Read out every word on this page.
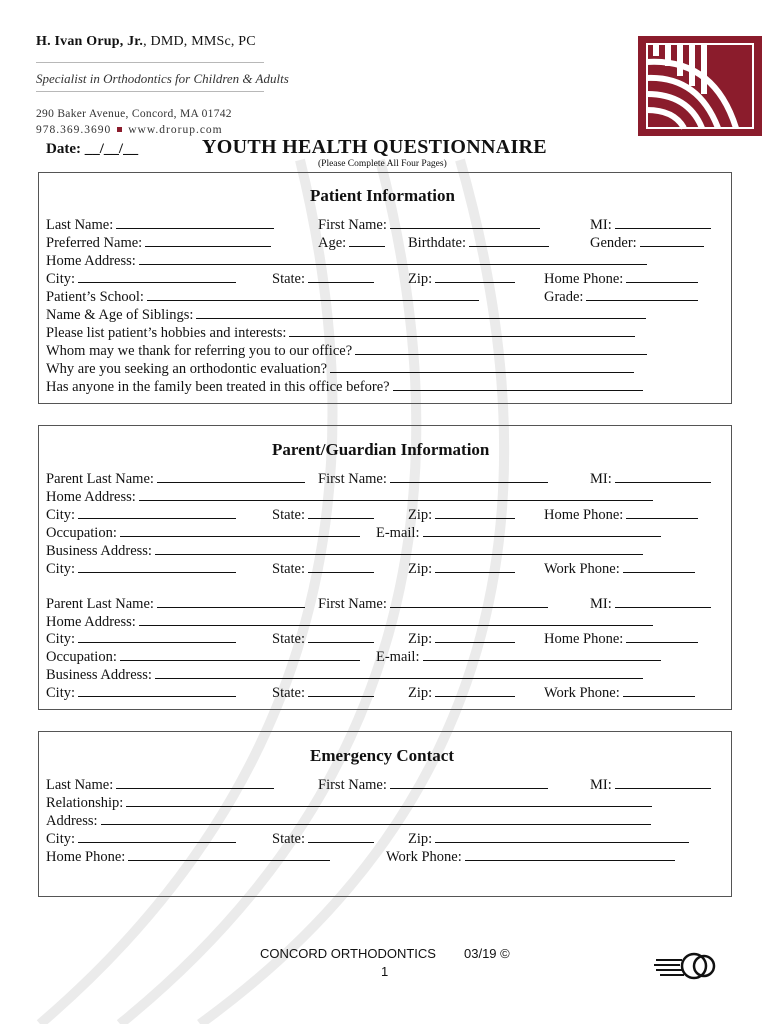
H. Ivan Orup, Jr., DMD, MMSc, PC
Specialist in Orthodontics for Children & Adults
290 Baker Avenue, Concord, MA 01742
978.369.3690 www.drorup.com
Date: __/__/__	YOUTH HEALTH QUESTIONNAIRE
(Please Complete All Four Pages)
Patient Information
Last Name:	First Name:	MI:
Preferred Name:	Age:	Birthdate:	Gender:
Home Address:
City:	State:	Zip:	Home Phone:
Patient’s School:	Grade:
Name & Age of Siblings:
Please list patient’s hobbies and interests:
Whom may we thank for referring you to our office?
Why are you seeking an orthodontic evaluation?
Has anyone in the family been treated in this office before?
Parent/Guardian Information
Parent Last Name:	First Name:	MI:
Home Address:
City:	State:	Zip:	Home Phone:
Occupation:	E-mail:
Business Address:
City:	State:	Zip:	Work Phone:
Parent Last Name:	First Name:	MI:
Home Address:
City:	State:	Zip:	Home Phone:
Occupation:	E-mail:
Business Address:
City:	State:	Zip:	Work Phone:
Emergency Contact
Last Name:	First Name:	MI:
Relationship:
Address:
City:	State:	Zip:
Home Phone:	Work Phone:
CONCORD ORTHODONTICS 03/19 ©
1
